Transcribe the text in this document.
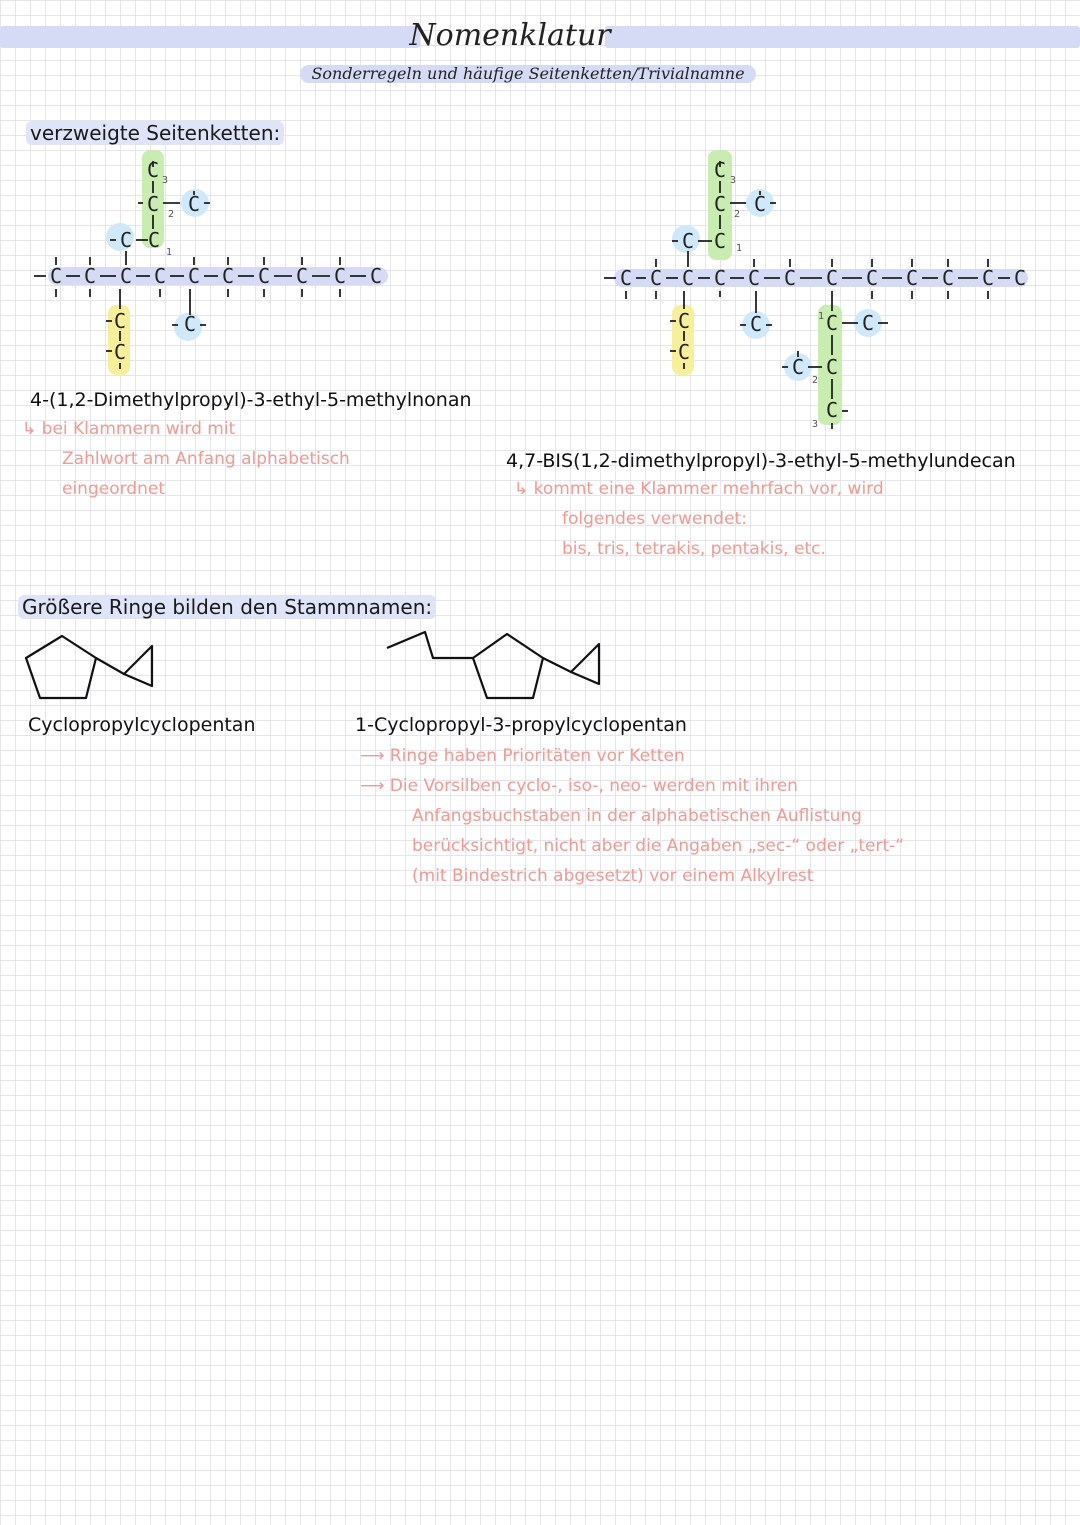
Nomenklatur
Sonderregeln und häufige Seitenketten/Trivialnamne
verzweigte Seitenketten:
C C C C C C C C C C
C C
C C
C
C
C
C
1
2
3
4-(1,2-Dimethylpropyl)-3-ethyl-5-methylnonan
↳ bei Klammern wird mit
Zahlwort am Anfang alphabetisch
eingeordnet
C C C C C C C C C C C C
C C
C C
C
C
C
C	C C
C
C
C
1
2
3
1
2
3
4,7-BIS(1,2-dimethylpropyl)-3-ethyl-5-methylundecan
↳ kommt eine Klammer mehrfach vor, wird
folgendes verwendet:
bis, tris, tetrakis, pentakis, etc.
Größere Ringe bilden den Stammnamen:
Cyclopropylcyclopentan	1-Cyclopropyl-3-propylcyclopentan
⟶ Ringe haben Prioritäten vor Ketten
⟶ Die Vorsilben cyclo-, iso-, neo- werden mit ihren
Anfangsbuchstaben in der alphabetischen Auflistung
berücksichtigt, nicht aber die Angaben „sec-“ oder „tert-“
(mit Bindestrich abgesetzt) vor einem Alkylrest
